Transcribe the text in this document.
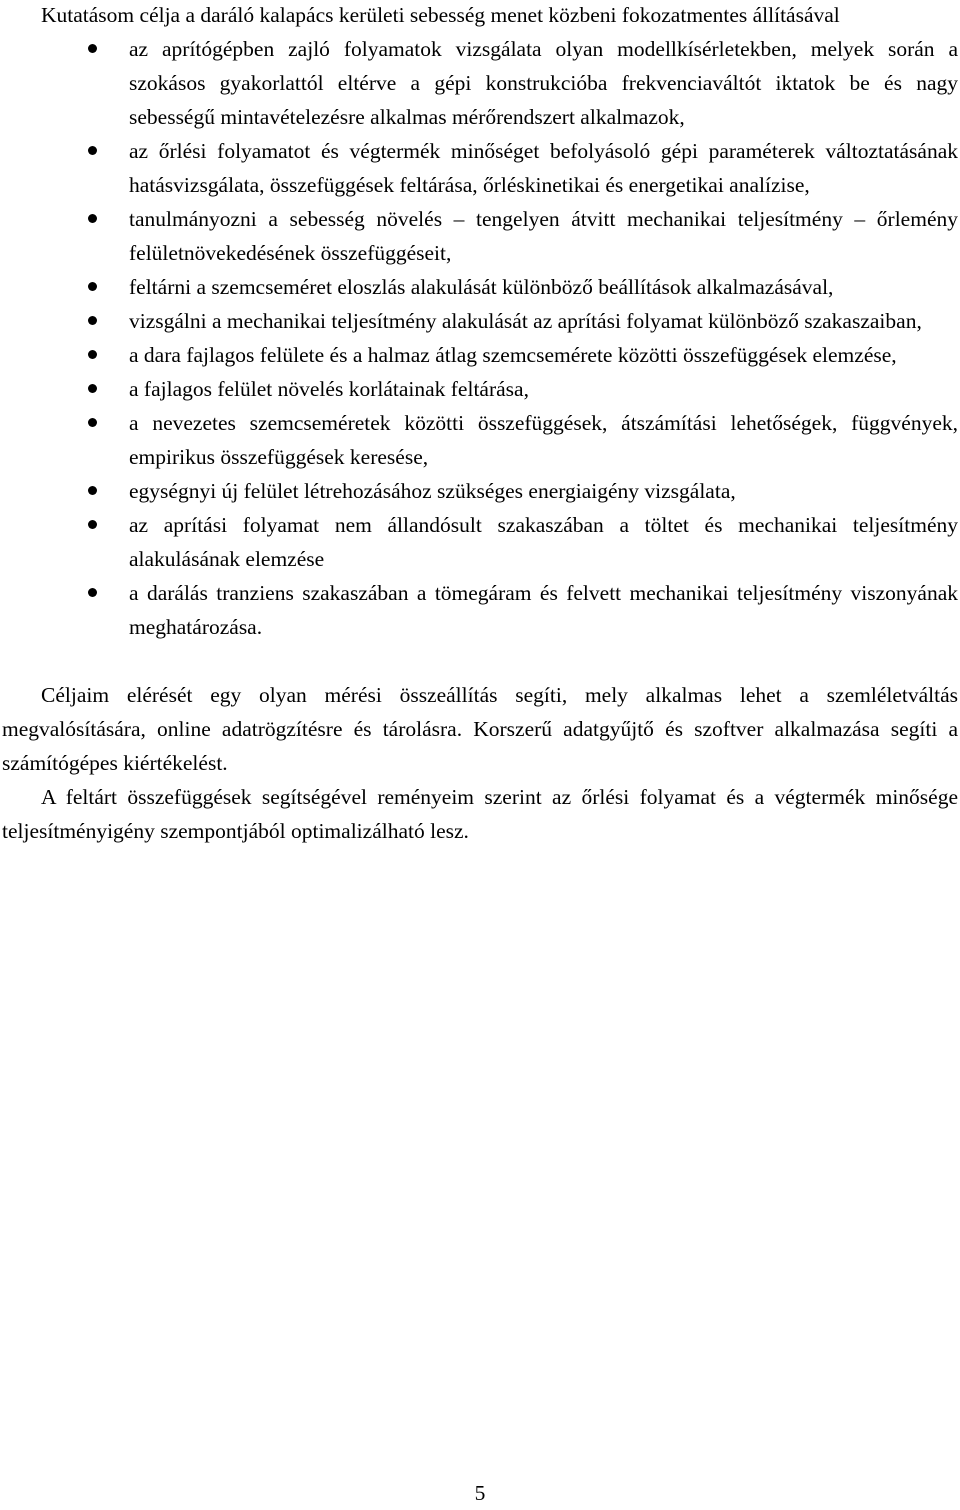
Kutatásom célja a daráló kalapács kerületi sebesség menet közbeni fokozatmentes állításával

az aprítógépben zajló folyamatok vizsgálata olyan modellkísérletekben, melyek során a szokásos gyakorlattól eltérve a gépi konstrukcióba frekvenciaváltót iktatok be és nagy sebességű mintavételezésre alkalmas mérőrendszert alkalmazok,
az őrlési folyamatot és végtermék minőséget befolyásoló gépi paraméterek változtatásának hatásvizsgálata, összefüggések feltárása, őrléskinetikai és energetikai analízise,
tanulmányozni a sebesség növelés – tengelyen átvitt mechanikai teljesítmény – őrlemény felületnövekedésének összefüggéseit,
feltárni a szemcseméret eloszlás alakulását különböző beállítások alkalmazásával,
vizsgálni a mechanikai teljesítmény alakulását az aprítási folyamat különböző szakaszaiban,
a dara fajlagos felülete és a halmaz átlag szemcsemérete közötti összefüggések elemzése,
a fajlagos felület növelés korlátainak feltárása,
a nevezetes szemcseméretek közötti összefüggések, átszámítási lehetőségek, függvények, empirikus összefüggések keresése,
egységnyi új felület létrehozásához szükséges energiaigény vizsgálata,
az aprítási folyamat nem állandósult szakaszában a töltet és mechanikai teljesítmény alakulásának elemzése
a darálás tranziens szakaszában a tömegáram és felvett mechanikai teljesítmény viszonyának meghatározása.

Céljaim elérését egy olyan mérési összeállítás segíti, mely alkalmas lehet a szemléletváltás megvalósítására, online adatrögzítésre és tárolásra. Korszerű adatgyűjtő és szoftver alkalmazása segíti a számítógépes kiértékelést.

A feltárt összefüggések segítségével reményeim szerint az őrlési folyamat és a végtermék minősége teljesítményigény szempontjából optimalizálható lesz.

5
